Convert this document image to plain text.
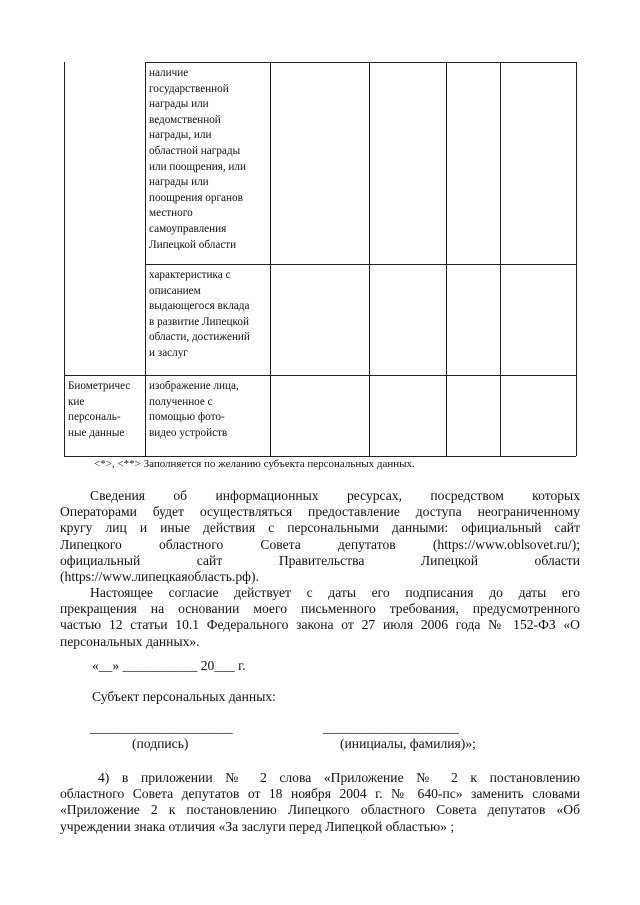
наличие
государственной
награды или
ведомственной
награды, или
областной награды
или поощрения, или
награды или
поощрения органов
местного
самоуправления
Липецкой области
характеристика с
описанием
выдающегося вклада
в развитие Липецкой
области, достижений
и заслуг
Биометричес
кие
персональ-
ные данные
изображение лица,
полученное с
помощью фото-
видео устройств
<*>, <**> Заполняется по желанию субъекта персональных данных.
Сведения об информационных ресурсах, посредством которых
Операторами будет осуществляться предоставление доступа неограниченному
кругу лиц и иные действия с персональными данными: официальный сайт
Липецкого областного Совета депутатов (https://www.oblsovet.ru/);
официальный сайт Правительства Липецкой области
(https://www.липецкаяобласть.рф).
Настоящее согласие действует с даты его подписания до даты его
прекращения на основании моего письменного требования, предусмотренного
частью 12 статьи 10.1 Федерального закона от 27 июля 2006 года № 152-ФЗ «О
персональных данных».
«__» ___________ 20___ г.
Субъект персональных данных:
_____________________	____________________
(подпись)	(инициалы, фамилия)»;
4) в приложении № 2 слова «Приложение № 2 к постановлению
областного Совета депутатов от 18 ноября 2004 г. № 640-пс» заменить словами
«Приложение 2 к постановлению Липецкого областного Совета депутатов «Об
учреждении знака отличия «За заслуги перед Липецкой областью» ;
